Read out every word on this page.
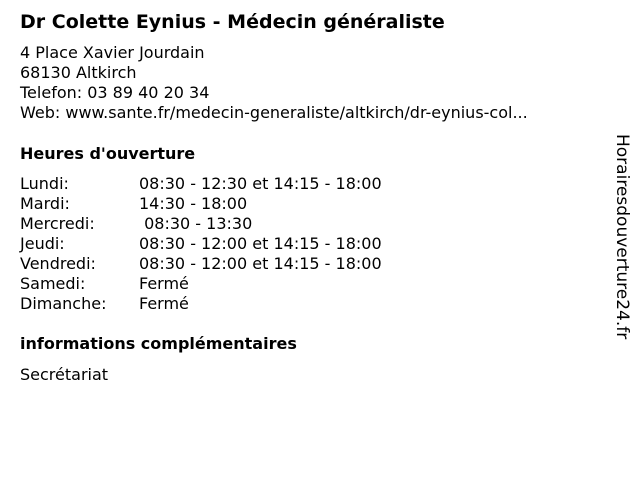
Dr Colette Eynius - Médecin généraliste
4 Place Xavier Jourdain
68130 Altkirch
Telefon: 03 89 40 20 34
Web: www.sante.fr/medecin-generaliste/altkirch/dr-eynius-col...
Heures d'ouverture
Lundi:	08:30 - 12:30 et 14:15 - 18:00
Mardi:	14:30 - 18:00
Mercredi:	08:30 - 13:30
Jeudi:	08:30 - 12:00 et 14:15 - 18:00
Vendredi:	08:30 - 12:00 et 14:15 - 18:00
Samedi:	Fermé
Dimanche: Fermé
informations complémentaires
Secrétariat
Horairesdouverture24.fr
